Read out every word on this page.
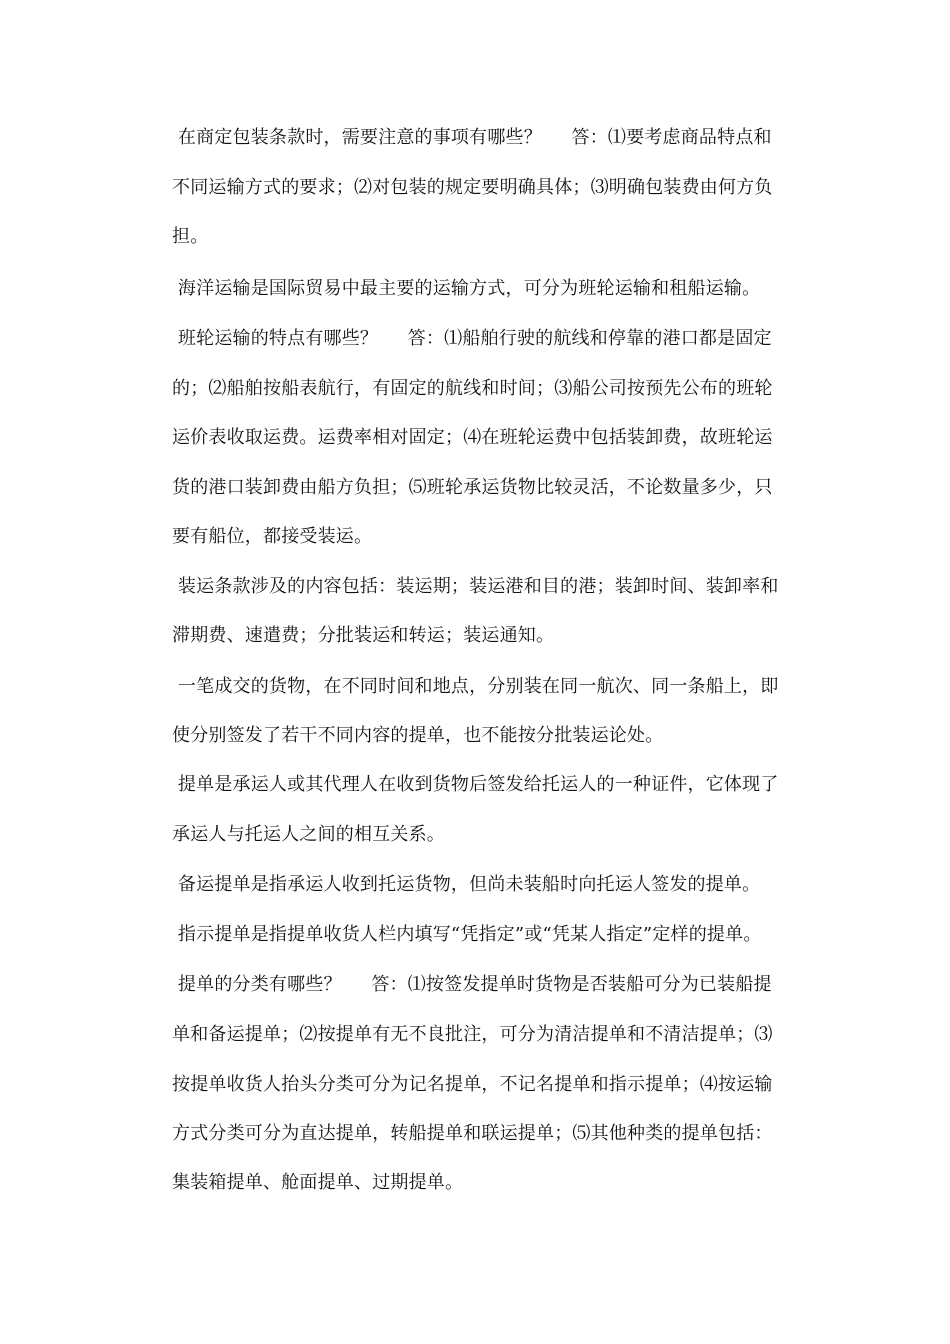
在商定包装条款时，需要注意的事项有哪些？     答：⑴要考虑商品特点和
不同运输方式的要求；⑵对包装的规定要明确具体；⑶明确包装费由何方负
担。
海洋运输是国际贸易中最主要的运输方式，可分为班轮运输和租船运输。
班轮运输的特点有哪些？     答：⑴船舶行驶的航线和停靠的港口都是固定
的；⑵船舶按船表航行，有固定的航线和时间；⑶船公司按预先公布的班轮
运价表收取运费。运费率相对固定；⑷在班轮运费中包括装卸费，故班轮运
货的港口装卸费由船方负担；⑸班轮承运货物比较灵活，不论数量多少，只
要有船位，都接受装运。
装运条款涉及的内容包括：装运期；装运港和目的港；装卸时间、装卸率和
滞期费、速遣费；分批装运和转运；装运通知。
一笔成交的货物，在不同时间和地点，分别装在同一航次、同一条船上，即
使分别签发了若干不同内容的提单，也不能按分批装运论处。
提单是承运人或其代理人在收到货物后签发给托运人的一种证件，它体现了
承运人与托运人之间的相互关系。
备运提单是指承运人收到托运货物，但尚未装船时向托运人签发的提单。
指示提单是指提单收货人栏内填写“凭指定”或“凭某人指定”定样的提单。
提单的分类有哪些？     答：⑴按签发提单时货物是否装船可分为已装船提
单和备运提单；⑵按提单有无不良批注，可分为清洁提单和不清洁提单；⑶
按提单收货人抬头分类可分为记名提单，不记名提单和指示提单；⑷按运输
方式分类可分为直达提单，转船提单和联运提单；⑸其他种类的提单包括：
集装箱提单、舱面提单、过期提单。
